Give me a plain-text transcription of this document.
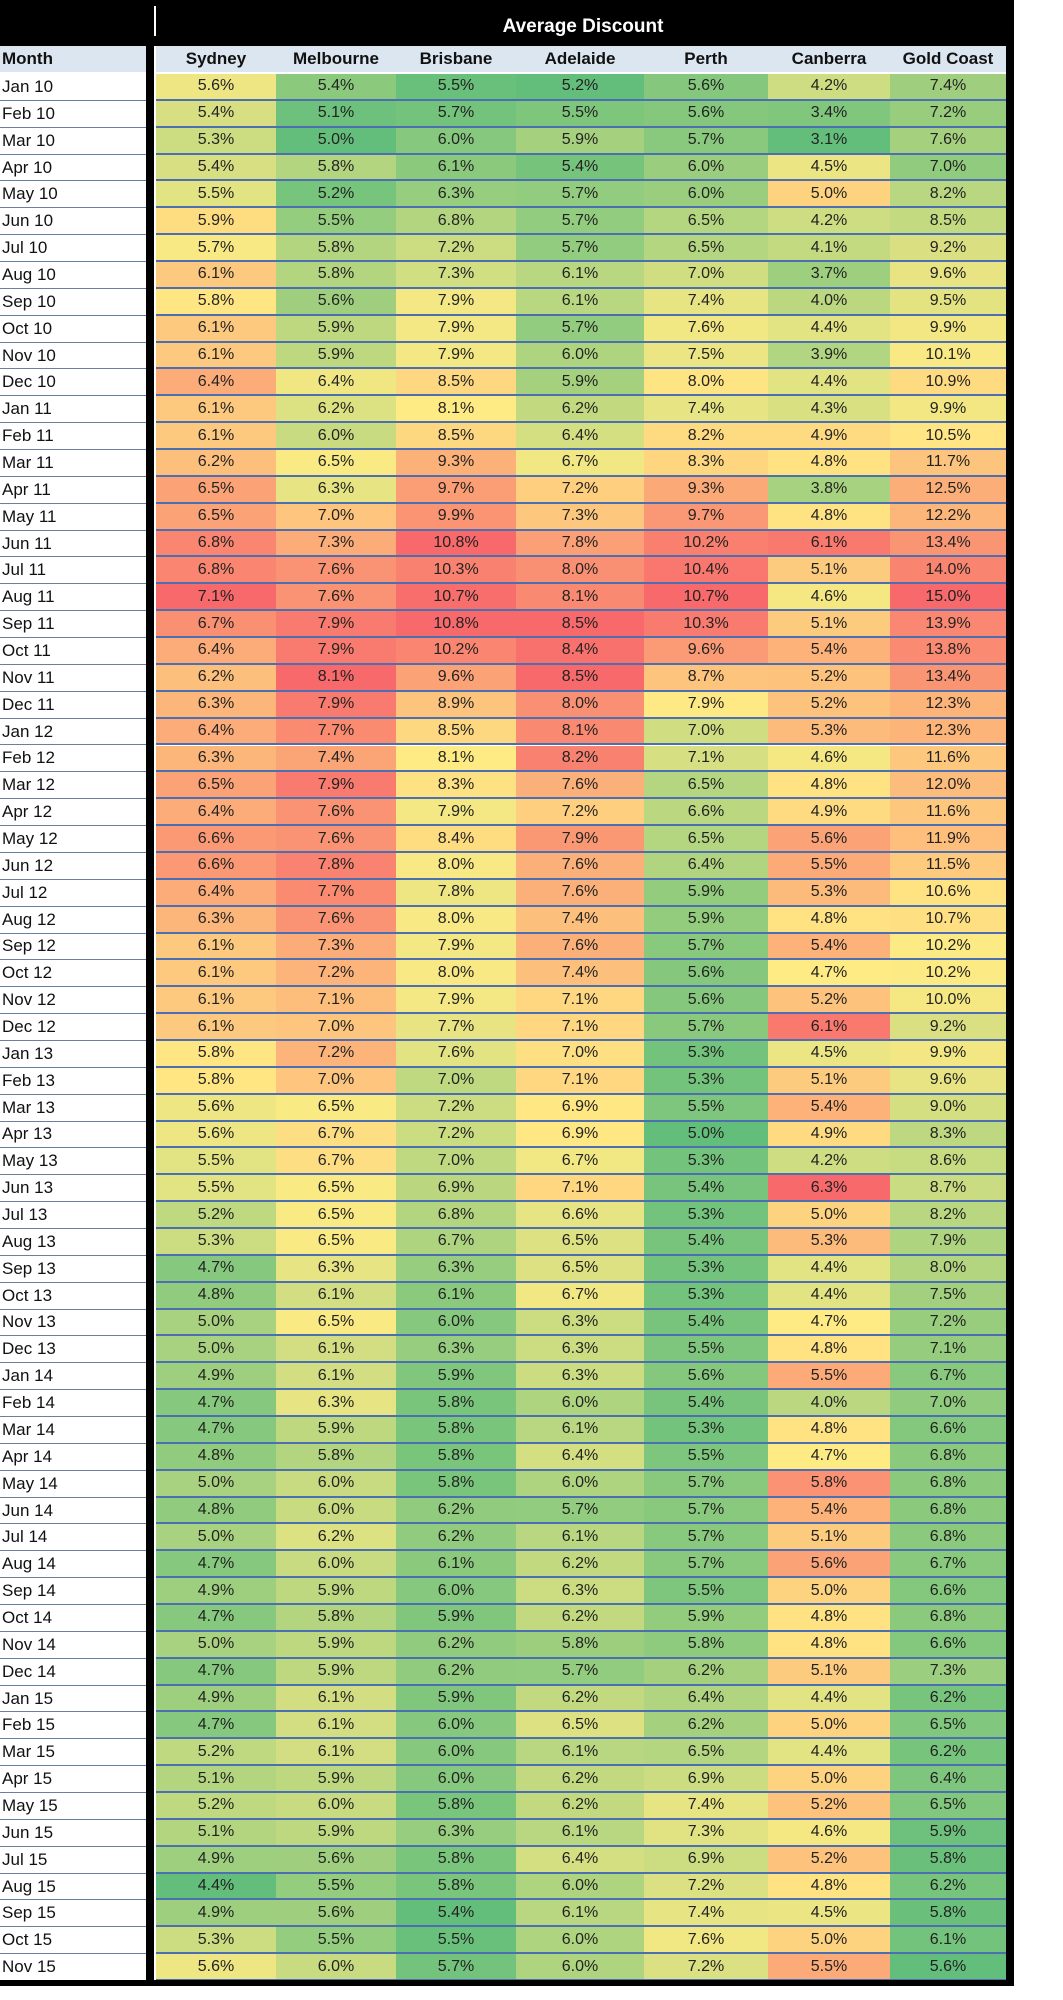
Average Discount
Month	Sydney	Melbourne	Brisbane	Adelaide	Perth	Canberra	Gold Coast
Jan 10	5.6%	5.4%	5.5%	5.2%	5.6%	4.2%	7.4%
Feb 10	5.4%	5.1%	5.7%	5.5%	5.6%	3.4%	7.2%
Mar 10	5.3%	5.0%	6.0%	5.9%	5.7%	3.1%	7.6%
Apr 10	5.4%	5.8%	6.1%	5.4%	6.0%	4.5%	7.0%
May 10	5.5%	5.2%	6.3%	5.7%	6.0%	5.0%	8.2%
Jun 10	5.9%	5.5%	6.8%	5.7%	6.5%	4.2%	8.5%
Jul 10	5.7%	5.8%	7.2%	5.7%	6.5%	4.1%	9.2%
Aug 10	6.1%	5.8%	7.3%	6.1%	7.0%	3.7%	9.6%
Sep 10	5.8%	5.6%	7.9%	6.1%	7.4%	4.0%	9.5%
Oct 10	6.1%	5.9%	7.9%	5.7%	7.6%	4.4%	9.9%
Nov 10	6.1%	5.9%	7.9%	6.0%	7.5%	3.9%	10.1%
Dec 10	6.4%	6.4%	8.5%	5.9%	8.0%	4.4%	10.9%
Jan 11	6.1%	6.2%	8.1%	6.2%	7.4%	4.3%	9.9%
Feb 11	6.1%	6.0%	8.5%	6.4%	8.2%	4.9%	10.5%
Mar 11	6.2%	6.5%	9.3%	6.7%	8.3%	4.8%	11.7%
Apr 11	6.5%	6.3%	9.7%	7.2%	9.3%	3.8%	12.5%
May 11	6.5%	7.0%	9.9%	7.3%	9.7%	4.8%	12.2%
Jun 11	6.8%	7.3%	10.8%	7.8%	10.2%	6.1%	13.4%
Jul 11	6.8%	7.6%	10.3%	8.0%	10.4%	5.1%	14.0%
Aug 11	7.1%	7.6%	10.7%	8.1%	10.7%	4.6%	15.0%
Sep 11	6.7%	7.9%	10.8%	8.5%	10.3%	5.1%	13.9%
Oct 11	6.4%	7.9%	10.2%	8.4%	9.6%	5.4%	13.8%
Nov 11	6.2%	8.1%	9.6%	8.5%	8.7%	5.2%	13.4%
Dec 11	6.3%	7.9%	8.9%	8.0%	7.9%	5.2%	12.3%
Jan 12	6.4%	7.7%	8.5%	8.1%	7.0%	5.3%	12.3%
Feb 12	6.3%	7.4%	8.1%	8.2%	7.1%	4.6%	11.6%
Mar 12	6.5%	7.9%	8.3%	7.6%	6.5%	4.8%	12.0%
Apr 12	6.4%	7.6%	7.9%	7.2%	6.6%	4.9%	11.6%
May 12	6.6%	7.6%	8.4%	7.9%	6.5%	5.6%	11.9%
Jun 12	6.6%	7.8%	8.0%	7.6%	6.4%	5.5%	11.5%
Jul 12	6.4%	7.7%	7.8%	7.6%	5.9%	5.3%	10.6%
Aug 12	6.3%	7.6%	8.0%	7.4%	5.9%	4.8%	10.7%
Sep 12	6.1%	7.3%	7.9%	7.6%	5.7%	5.4%	10.2%
Oct 12	6.1%	7.2%	8.0%	7.4%	5.6%	4.7%	10.2%
Nov 12	6.1%	7.1%	7.9%	7.1%	5.6%	5.2%	10.0%
Dec 12	6.1%	7.0%	7.7%	7.1%	5.7%	6.1%	9.2%
Jan 13	5.8%	7.2%	7.6%	7.0%	5.3%	4.5%	9.9%
Feb 13	5.8%	7.0%	7.0%	7.1%	5.3%	5.1%	9.6%
Mar 13	5.6%	6.5%	7.2%	6.9%	5.5%	5.4%	9.0%
Apr 13	5.6%	6.7%	7.2%	6.9%	5.0%	4.9%	8.3%
May 13	5.5%	6.7%	7.0%	6.7%	5.3%	4.2%	8.6%
Jun 13	5.5%	6.5%	6.9%	7.1%	5.4%	6.3%	8.7%
Jul 13	5.2%	6.5%	6.8%	6.6%	5.3%	5.0%	8.2%
Aug 13	5.3%	6.5%	6.7%	6.5%	5.4%	5.3%	7.9%
Sep 13	4.7%	6.3%	6.3%	6.5%	5.3%	4.4%	8.0%
Oct 13	4.8%	6.1%	6.1%	6.7%	5.3%	4.4%	7.5%
Nov 13	5.0%	6.5%	6.0%	6.3%	5.4%	4.7%	7.2%
Dec 13	5.0%	6.1%	6.3%	6.3%	5.5%	4.8%	7.1%
Jan 14	4.9%	6.1%	5.9%	6.3%	5.6%	5.5%	6.7%
Feb 14	4.7%	6.3%	5.8%	6.0%	5.4%	4.0%	7.0%
Mar 14	4.7%	5.9%	5.8%	6.1%	5.3%	4.8%	6.6%
Apr 14	4.8%	5.8%	5.8%	6.4%	5.5%	4.7%	6.8%
May 14	5.0%	6.0%	5.8%	6.0%	5.7%	5.8%	6.8%
Jun 14	4.8%	6.0%	6.2%	5.7%	5.7%	5.4%	6.8%
Jul 14	5.0%	6.2%	6.2%	6.1%	5.7%	5.1%	6.8%
Aug 14	4.7%	6.0%	6.1%	6.2%	5.7%	5.6%	6.7%
Sep 14	4.9%	5.9%	6.0%	6.3%	5.5%	5.0%	6.6%
Oct 14	4.7%	5.8%	5.9%	6.2%	5.9%	4.8%	6.8%
Nov 14	5.0%	5.9%	6.2%	5.8%	5.8%	4.8%	6.6%
Dec 14	4.7%	5.9%	6.2%	5.7%	6.2%	5.1%	7.3%
Jan 15	4.9%	6.1%	5.9%	6.2%	6.4%	4.4%	6.2%
Feb 15	4.7%	6.1%	6.0%	6.5%	6.2%	5.0%	6.5%
Mar 15	5.2%	6.1%	6.0%	6.1%	6.5%	4.4%	6.2%
Apr 15	5.1%	5.9%	6.0%	6.2%	6.9%	5.0%	6.4%
May 15	5.2%	6.0%	5.8%	6.2%	7.4%	5.2%	6.5%
Jun 15	5.1%	5.9%	6.3%	6.1%	7.3%	4.6%	5.9%
Jul 15	4.9%	5.6%	5.8%	6.4%	6.9%	5.2%	5.8%
Aug 15	4.4%	5.5%	5.8%	6.0%	7.2%	4.8%	6.2%
Sep 15	4.9%	5.6%	5.4%	6.1%	7.4%	4.5%	5.8%
Oct 15	5.3%	5.5%	5.5%	6.0%	7.6%	5.0%	6.1%
Nov 15	5.6%	6.0%	5.7%	6.0%	7.2%	5.5%	5.6%
